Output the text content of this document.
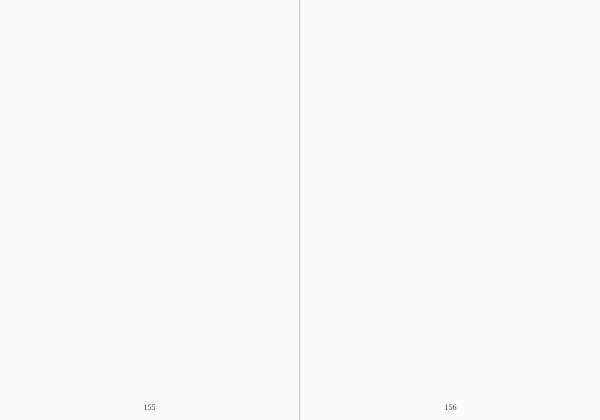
155	156
